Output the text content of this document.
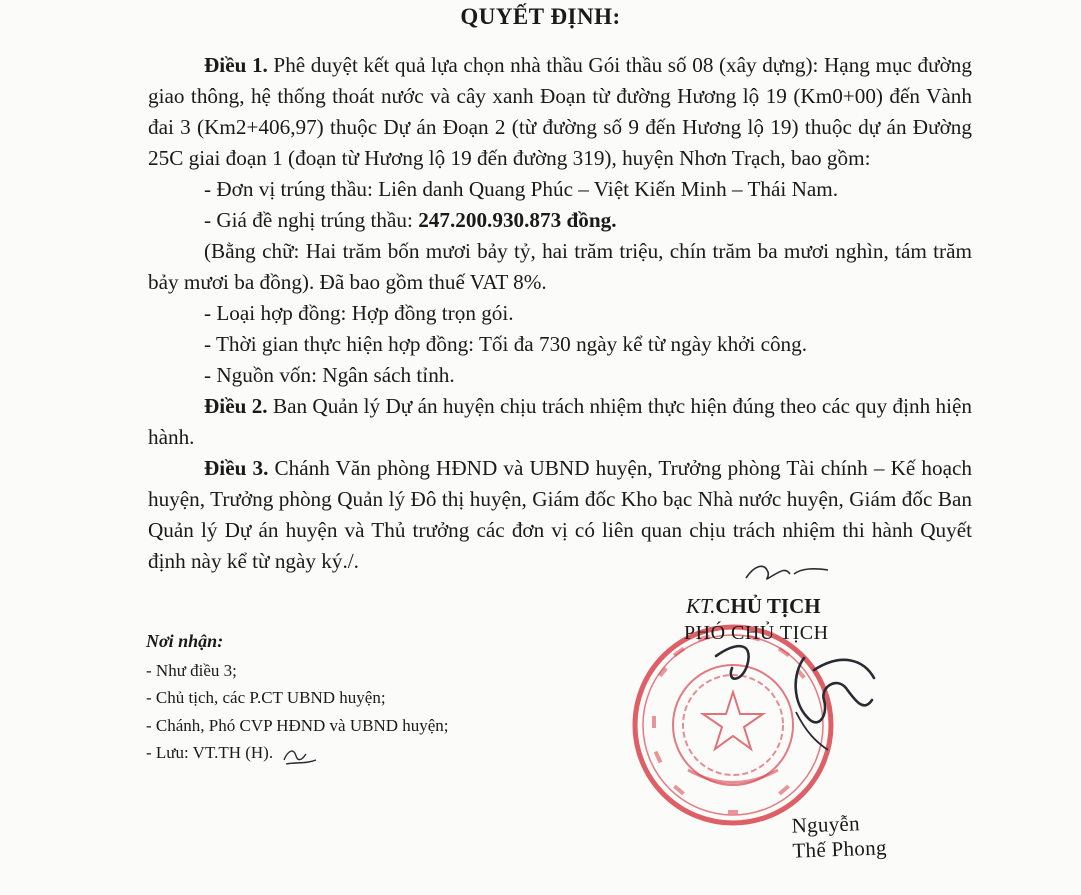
QUYẾT ĐỊNH:

Điều 1. Phê duyệt kết quả lựa chọn nhà thầu Gói thầu số 08 (xây dựng): Hạng mục đường giao thông, hệ thống thoát nước và cây xanh Đoạn từ đường Hương lộ 19 (Km0+00) đến Vành đai 3 (Km2+406,97) thuộc Dự án Đoạn 2 (từ đường số 9 đến Hương lộ 19) thuộc dự án Đường 25C giai đoạn 1 (đoạn từ Hương lộ 19 đến đường 319), huyện Nhơn Trạch, bao gồm:

- Đơn vị trúng thầu: Liên danh Quang Phúc – Việt Kiến Minh – Thái Nam.

- Giá đề nghị trúng thầu: 247.200.930.873 đồng.

(Bằng chữ: Hai trăm bốn mươi bảy tỷ, hai trăm triệu, chín trăm ba mươi nghìn, tám trăm bảy mươi ba đồng). Đã bao gồm thuế VAT 8%.

- Loại hợp đồng: Hợp đồng trọn gói.

- Thời gian thực hiện hợp đồng: Tối đa 730 ngày kể từ ngày khởi công.

- Nguồn vốn: Ngân sách tỉnh.

Điều 2. Ban Quản lý Dự án huyện chịu trách nhiệm thực hiện đúng theo các quy định hiện hành.

Điều 3. Chánh Văn phòng HĐND và UBND huyện, Trưởng phòng Tài chính – Kế hoạch huyện, Trưởng phòng Quản lý Đô thị huyện, Giám đốc Kho bạc Nhà nước huyện, Giám đốc Ban Quản lý Dự án huyện và Thủ trưởng các đơn vị có liên quan chịu trách nhiệm thi hành Quyết định này kể từ ngày ký./.

Nơi nhận:
- Như điều 3;
- Chủ tịch, các P.CT UBND huyện;
- Chánh, Phó CVP HĐND và UBND huyện;
- Lưu: VT.TH (H).
KT.CHỦ TỊCH
PHÓ CHỦ TỊCH
Nguyễn Thế Phong
